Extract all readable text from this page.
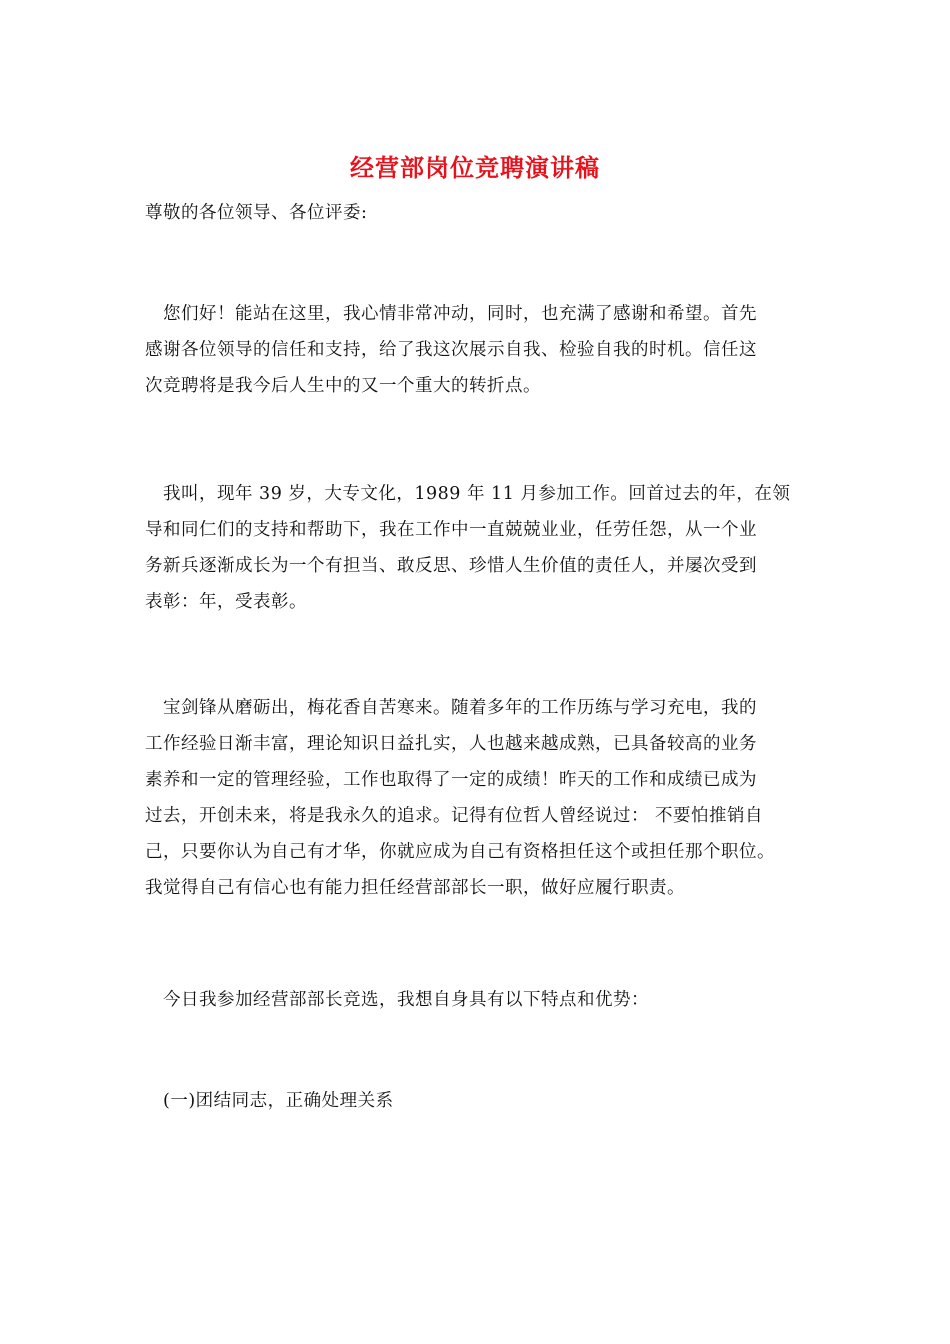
经营部岗位竞聘演讲稿
尊敬的各位领导、各位评委:

　您们好！能站在这里，我心情非常冲动，同时，也充满了感谢和希望。首先
感谢各位领导的信任和支持，给了我这次展示自我、检验自我的时机。信任这
次竞聘将是我今后人生中的又一个重大的转折点。

　我叫，现年 39 岁，大专文化，1989 年 11 月参加工作。回首过去的年，在领
导和同仁们的支持和帮助下，我在工作中一直兢兢业业，任劳任怨，从一个业
务新兵逐渐成长为一个有担当、敢反思、珍惜人生价值的责任人，并屡次受到
表彰：年，受表彰。

　宝剑锋从磨砺出，梅花香自苦寒来。随着多年的工作历练与学习充电，我的
工作经验日渐丰富，理论知识日益扎实，人也越来越成熟，已具备较高的业务
素养和一定的管理经验，工作也取得了一定的成绩！昨天的工作和成绩已成为
过去，开创未来，将是我永久的追求。记得有位哲人曾经说过： 不要怕推销自
己，只要你认为自己有才华，你就应成为自己有资格担任这个或担任那个职位。
我觉得自己有信心也有能力担任经营部部长一职，做好应履行职责。

　今日我参加经营部部长竞选，我想自身具有以下特点和优势：

　(一)团结同志，正确处理关系
